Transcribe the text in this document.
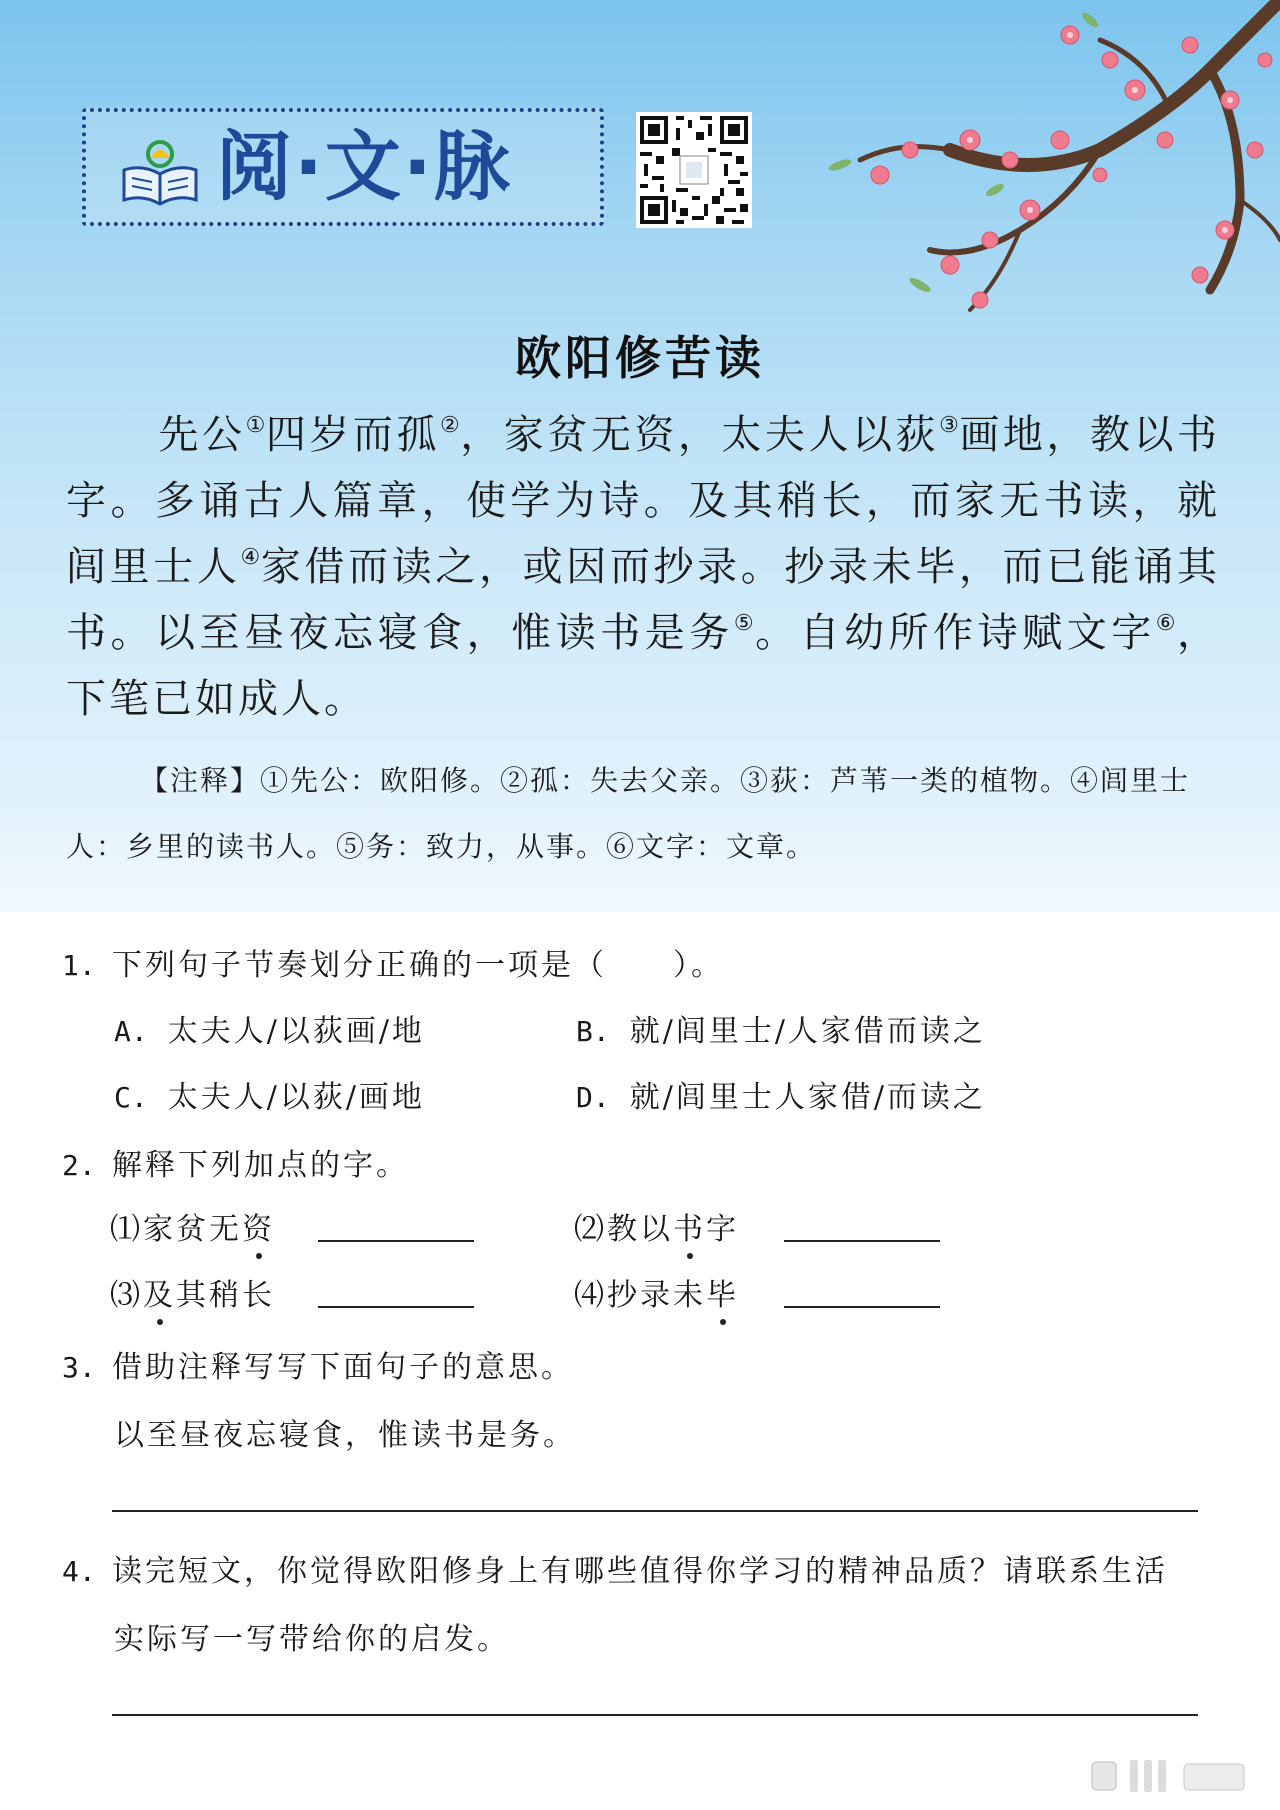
阅·文·脉
欧阳修苦读
先公①四岁而孤②，家贫无资，太夫人以荻③画地，教以书字。多诵古人篇章，使学为诗。及其稍长，而家无书读，就闾里士人④家借而读之，或因而抄录。抄录未毕，而已能诵其书。以至昼夜忘寝食，惟读书是务⑤。自幼所作诗赋文字⑥，下笔已如成人。
【注释】①先公：欧阳修。②孤：失去父亲。③荻：芦苇一类的植物。④闾里士人：乡里的读书人。⑤务：致力，从事。⑥文字：文章。
1. 下列句子节奏划分正确的一项是（　　）。
A. 太夫人/以荻画/地	B. 就/闾里士/人家借而读之
C. 太夫人/以荻/画地	D. 就/闾里士人家借/而读之
2. 解释下列加点的字。
⑴家贫无资	⑵教以书字
⑶及其稍长	⑷抄录未毕
3. 借助注释写写下面句子的意思。
以至昼夜忘寝食，惟读书是务。
4. 读完短文，你觉得欧阳修身上有哪些值得你学习的精神品质？请联系生活
实际写一写带给你的启发。
